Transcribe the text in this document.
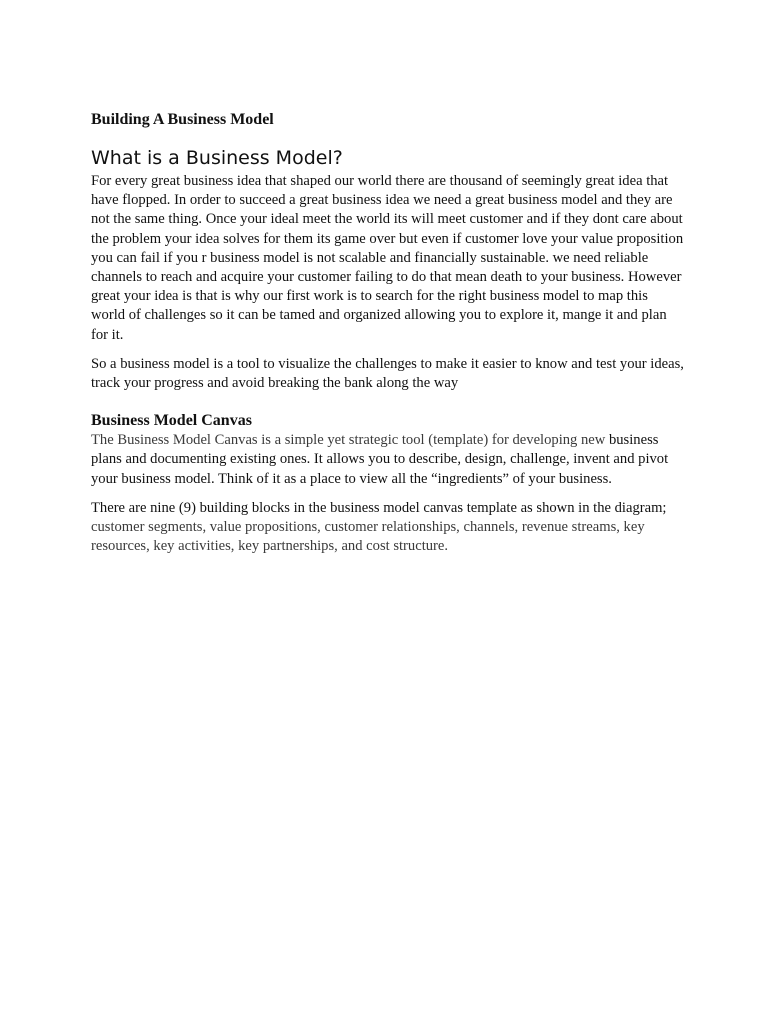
Building A Business Model
What is a Business Model?

For every great business idea that shaped our world there are thousand of seemingly great idea that have flopped. In order to succeed a great business idea we need a great business model and they are not the same thing. Once your ideal meet the world its will meet customer and if they dont care about the problem your idea solves for them its game over but even if customer love your value proposition you can fail if you r business model is not scalable and financially sustainable. we need reliable channels to reach and acquire your customer failing to do that mean death to your business. However great your idea is that is why our first work is to search for the right business model to map this world of challenges so it can be tamed and organized allowing you to explore it, mange it and plan for it.

So a business model is a tool to visualize the challenges to make it easier to know and test your ideas, track your progress and avoid breaking the bank along the way

Business Model Canvas

The Business Model Canvas is a simple yet strategic tool (template) for developing new business plans and documenting existing ones. It allows you to describe, design, challenge, invent and pivot your business model. Think of it as a place to view all the “ingredients” of your business.

There are nine (9) building blocks in the business model canvas template as shown in the diagram; customer segments, value propositions, customer relationships, channels, revenue streams, key resources, key activities, key partnerships, and cost structure.
